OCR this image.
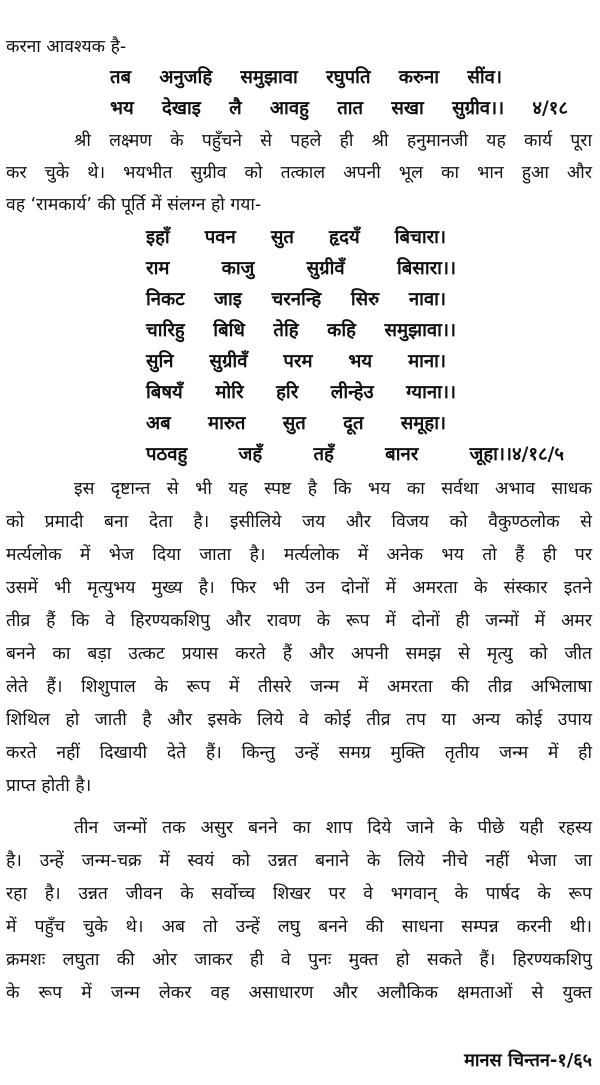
करना आवश्यक है-
तब अनुजहि समुझावा रघुपति करुना सींव।
भय देखाइ लै आवहु तात सखा सुग्रीव।। ४/१८
श्री लक्ष्मण के पहुँचने से पहले ही श्री हनुमानजी यह कार्य पूरा
कर चुके थे। भयभीत सुग्रीव को तत्काल अपनी भूल का भान हुआ और
वह ‘रामकार्य’ की पूर्ति में संलग्न हो गया-
इहाँ पवन सुत हृदयँ बिचारा।
राम काजु सुग्रीवँ बिसारा।।
निकट जाइ चरनन्हि सिरु नावा।
चारिहु बिधि तेहि कहि समुझावा।।
सुनि सुग्रीवँ परम भय माना।
बिषयँ मोरि हरि लीन्हेउ ग्याना।।
अब मारुत सुत दूत समूहा।
पठवहु जहँ तहँ बानर जूहा।।४/१८/५
इस दृष्टान्त से भी यह स्पष्ट है कि भय का सर्वथा अभाव साधक
को प्रमादी बना देता है। इसीलिये जय और विजय को वैकुण्ठलोक से
मर्त्यलोक में भेज दिया जाता है। मर्त्यलोक में अनेक भय तो हैं ही पर
उसमें भी मृत्युभय मुख्य है। फिर भी उन दोनों में अमरता के संस्कार इतने
तीव्र हैं कि वे हिरण्यकशिपु और रावण के रूप में दोनों ही जन्मों में अमर
बनने का बड़ा उत्कट प्रयास करते हैं और अपनी समझ से मृत्यु को जीत
लेते हैं। शिशुपाल के रूप में तीसरे जन्म में अमरता की तीव्र अभिलाषा
शिथिल हो जाती है और इसके लिये वे कोई तीव्र तप या अन्य कोई उपाय
करते नहीं दिखायी देते हैं। किन्तु उन्हें समग्र मुक्ति तृतीय जन्म में ही
प्राप्त होती है।
तीन जन्मों तक असुर बनने का शाप दिये जाने के पीछे यही रहस्य
है। उन्हें जन्म-चक्र में स्वयं को उन्नत बनाने के लिये नीचे नहीं भेजा जा
रहा है। उन्नत जीवन के सर्वोच्च शिखर पर वे भगवान् के पार्षद के रूप
में पहुँच चुके थे। अब तो उन्हें लघु बनने की साधना सम्पन्न करनी थी।
क्रमशः लघुता की ओर जाकर ही वे पुनः मुक्त हो सकते हैं। हिरण्यकशिपु
के रूप में जन्म लेकर वह असाधारण और अलौकिक क्षमताओं से युक्त
मानस चिन्तन-१/६५
